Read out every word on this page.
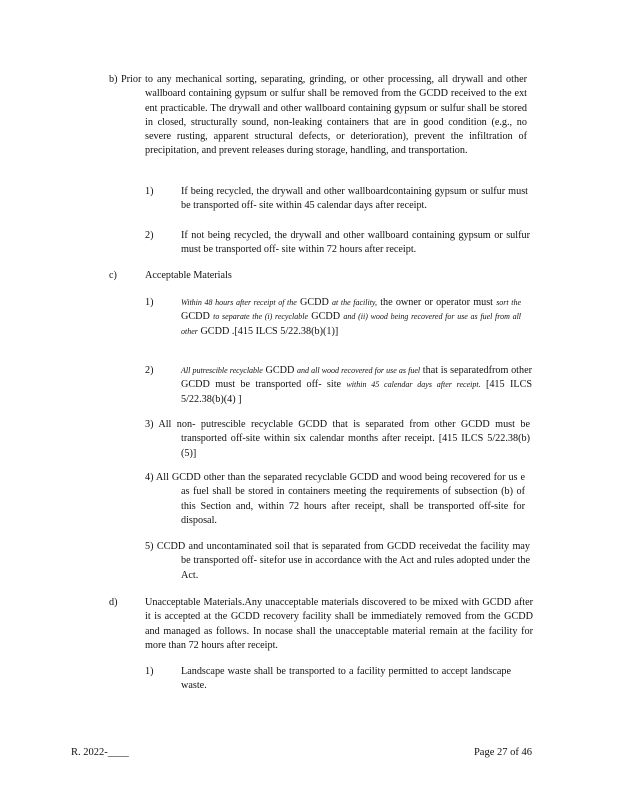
b) Prior to any mechanical sorting, separating, grinding, or other processing, all drywall and other wallboard containing gypsum or sulfur shall be removed from the GCDD received to the ext ent practicable. The drywall and other wallboard containing gypsum or sulfur shall be stored in closed, structurally sound, non-leaking containers that are in good condition (e.g., no severe rusting, apparent structural defects, or deterioration), prevent the infiltration of precipitation, and prevent releases during storage, handling, and transportation.

1)	If being recycled, the drywall and other wallboardcontaining gypsum or sulfur must be transported off- site within 45 calendar days after receipt.

2)	If not being recycled, the drywall and other wallboard containing gypsum or sulfur must be transported off- site within 72 hours after receipt.

c)	Acceptable Materials
1)	Within 48 hours after receipt of the GCDD at the facility, the owner or operator must sort the GCDD to separate the (i) recyclable GCDD and (ii) wood being recovered for use as fuel from all other GCDD .[415 ILCS 5/22.38(b)(1)]

2)	All putrescible recyclable GCDD and all wood recovered for use as fuel that is separatedfrom other GCDD must be transported off- site within 45 calendar days after receipt. [415 ILCS 5/22.38(b)(4) ]

3) All non- putrescible recyclable GCDD that is separated from other GCDD must be transported off-site within six calendar months after receipt. [415 ILCS 5/22.38(b)(5)]

4) All GCDD other than the separated recyclable GCDD and wood being recovered for us e as fuel shall be stored in containers meeting the requirements of subsection (b) of this Section and, within 72 hours after receipt, shall be transported off-site for disposal.

5) CCDD and uncontaminated soil that is separated from GCDD receivedat the facility may be transported off- sitefor use in accordance with the Act and rules adopted under the Act.

d)	Unacceptable Materials.Any unacceptable materials discovered to be mixed with GCDD after it is accepted at the GCDD recovery facility shall be immediately removed from the GCDD and managed as follows. In nocase shall the unacceptable material remain at the facility for more than 72 hours after receipt.

1)	Landscape waste shall be transported to a facility permitted to accept landscape waste.

R. 2022-____	Page 27 of 46
